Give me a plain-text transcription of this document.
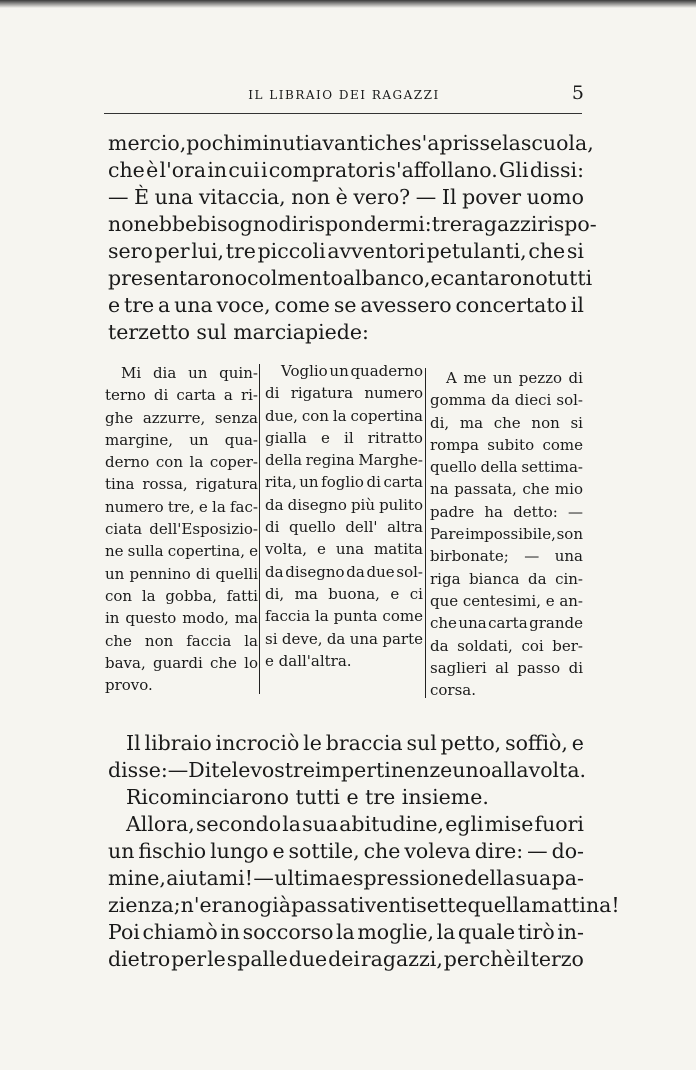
IL LIBRAIO DEI RAGAZZI	5
mercio, pochi minuti avanti che s'aprisse la scuola,
che è l'ora in cui i compratori s'affollano. Gli dissi:
— È una vitaccia, non è vero? — Il pover uomo
non ebbe bisogno di rispondermi: tre ragazzi rispo-
sero per lui, tre piccoli avventori petulanti, che si
presentarono col mento al banco, e cantarono tutti
e tre a una voce, come se avessero concertato il
terzetto sul marciapiede:
Mi dia un quin-
terno di carta a ri-
ghe azzurre, senza
margine, un qua-
derno con la coper-
tina rossa, rigatura
numero tre, e la fac-
ciata dell'Esposizio-
ne sulla copertina, e
un pennino di quelli
con la gobba, fatti
in questo modo, ma
che non faccia la
bava, guardi che lo
provo.
Voglio un quaderno
di rigatura numero
due, con la copertina
gialla e il ritratto
della regina Marghe-
rita, un foglio di carta
da disegno più pulito
di quello dell' altra
volta, e una matita
da disegno da due sol-
di, ma buona, e ci
faccia la punta come
si deve, da una parte
e dall'altra.
A me un pezzo di
gomma da dieci sol-
di, ma che non si
rompa subito come
quello della settima-
na passata, che mio
padre ha detto: —
Pare impossibile, son
birbonate; — una
riga bianca da cin-
que centesimi, e an-
che una carta grande
da soldati, coi ber-
saglieri al passo di
corsa.
Il libraio incrociò le braccia sul petto, soffiò, e
disse: — Dite le vostre impertinenze uno alla volta.
Ricominciarono tutti e tre insieme.
Allora, secondo la sua abitudine, egli mise fuori
un fischio lungo e sottile, che voleva dire: — do-
mine, aiutami! — ultima espressione della sua pa-
zienza; n'erano già passati ventisette quella mattina!
Poi chiamò in soccorso la moglie, la quale tirò in-
dietro per le spalle due dei ragazzi, perchè il terzo
